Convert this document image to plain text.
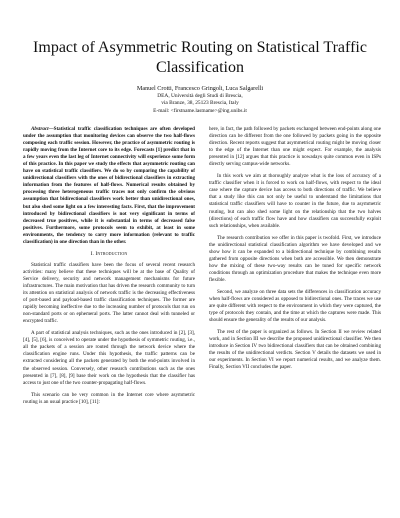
Impact of Asymmetric Routing on Statistical Traffic Classification
Manuel Crotti, Francesco Gringoli, Luca Salgarelli
DEA, Università degli Studi di Brescia,
via Branze, 38, 25123 Brescia, Italy
E-mail: <firstname.lastname>@ing.unibs.it

Abstract—Statistical traffic classification techniques are often developed under the assumption that monitoring devices can observe the two half-flows composing each traffic session. However, the practice of asymmetric routing is rapidly moving from the Internet core to its edge. Forecasts [1] predict that in a few years even the last leg of Internet connectivity will experience some form of this practice. In this paper we study the effects that asymmetric routing can have on statistical traffic classifiers. We do so by comparing the capability of unidirectional classifiers with the ones of bidirectional classifiers in extracting information from the features of half-flows. Numerical results obtained by processing three heterogeneous traffic traces not only confirm the obvious assumption that bidirectional classifiers work better than unidirectional ones, but also shed some light on a few interesting facts. First, that the improvement introduced by bidirectional classifiers is not very significant in terms of decreased true positives, while it is substantial in terms of decreased false positives. Furthermore, some protocols seem to exhibit, at least in some environments, the tendency to carry more information (relevant to traffic classification) in one direction than in the other.

I. Introduction

Statistical traffic classifiers have been the focus of several recent research activities: many believe that these techniques will be at the base of Quality of Service delivery, security and network management mechanisms for future infrastructures. The main motivation that has driven the research community to turn its attention on statistical analysis of network traffic is the decreasing effectiveness of port-based and payload-based traffic classification techniques. The former are rapidly becoming ineffective due to the increasing number of protocols that run on non-standard ports or on ephemeral ports. The latter cannot deal with tunneled or encrypted traffic.

A part of statistical analysis techniques, such as the ones introduced in [2], [3], [4], [5], [6], is conceived to operate under the hypothesis of symmetric routing, i.e., all the packets of a session are routed through the network device where the classification engine runs. Under this hypothesis, the traffic patterns can be extracted considering all the packets generated by both the end-points involved in the observed session. Conversely, other research contributions such as the ones presented in [7], [8], [9] base their work on the hypothesis that the classifier has access to just one of the two counter-propagating half-flows.

This scenario can be very common in the Internet core where asymmetric routing is an usual practice [10], [11]:

here, in fact, the path followed by packets exchanged between end-points along one direction can be different from the one followed by packets going in the opposite direction. Recent reports suggest that asymmetrical routing might be moving closer to the edge of the Internet than one might expect. For example, the analysis presented in [12] argues that this practice is nowadays quite common even in ISPs directly serving campus-wide networks.

In this work we aim at thoroughly analyze what is the loss of accuracy of a traffic classifier when it is forced to work on half-flows, with respect to the ideal case where the capture device has access to both directions of traffic. We believe that a study like this can not only be useful to understand the limitations that statistical traffic classifiers will have to counter in the future, due to asymmetric routing, but can also shed some light on the relationship that the two halves (directions) of each traffic flow have and how classifiers can successfully exploit such relationships, when available.

The research contribution we offer in this paper is twofold. First, we introduce the unidirectional statistical classification algorithm we have developed and we show how it can be expanded to a bidirectional technique by combining results gathered from opposite directions when both are accessible. We then demonstrate how the mixing of these two-way results can be tuned for specific network conditions through an optimization procedure that makes the technique even more flexible.

Second, we analyze on three data sets the differences in classification accuracy when half-flows are considered as opposed to bidirectional ones. The traces we use are quite different with respect to the environment in which they were captured, the type of protocols they contain, and the time at which the captures were made. This should ensure the generality of the results of our analysis.

The rest of the paper is organized as follows. In Section II we review related work, and in Section III we describe the proposed unidirectional classifier. We then introduce in Section IV two bidirectional classifiers that can be obtained combining the results of the unidirectional verdicts. Section V details the datasets we used in our experiments. In Section VI we report numerical results, and we analyze them. Finally, Section VII concludes the paper.
